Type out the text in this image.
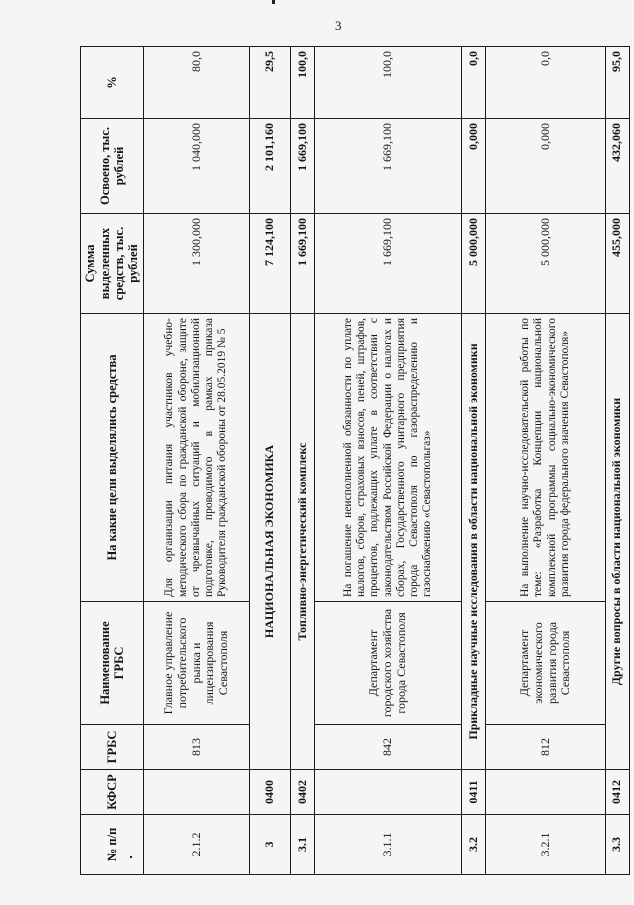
3
№ п/п	КФСР	ГРБС	Наименование ГРБС	На какие цели выделялись средства	Сумма выделенных средств, тыс. рублей	Освоено, тыс. рублей	%
2.1.2		813	Главное управление потребительского рынка и лицензирования Севастополя	Для организации питания участников учебно-методического сбора по гражданской обороне, защите от чрезвычайных ситуаций и мобилизационной подготовке, проводимого в рамках приказа Руководителя гражданской обороны от 28.05.2019 № 5	1 300,000	1 040,000	80,0
3	0400	НАЦИОНАЛЬНАЯ ЭКОНОМИКА			7 124,100	2 101,160	29,5
3.1	0402	Топливно-энергетический комплекс			1 669,100	1 669,100	100,0
3.1.1		842	Департамент городского хозяйства города Севастополя	На погашение неисполненной обязанности по уплате налогов, сборов, страховых взносов, пеней, штрафов, процентов, подлежащих уплате в соответствии с законодательством Российской Федерации о налогах и сборах, Государственного унитарного предприятия города Севастополя по газораспределению и газоснабжению «Севастопольгаз»	1 669,100	1 669,100	100,0
3.2	0411	Прикладные научные исследования в области национальной экономики			5 000,000	0,000	0,0
3.2.1		812	Департамент экономического развития города Севастополя	На выполнение научно-исследовательской работы по теме: «Разработка Концепции национальной комплексной программы социально-экономического развития города федерального значения Севастополя»	5 000,000	0,000	0,0
3.3	0412	Другие вопросы в области национальной экономики			455,000	432,060	95,0
